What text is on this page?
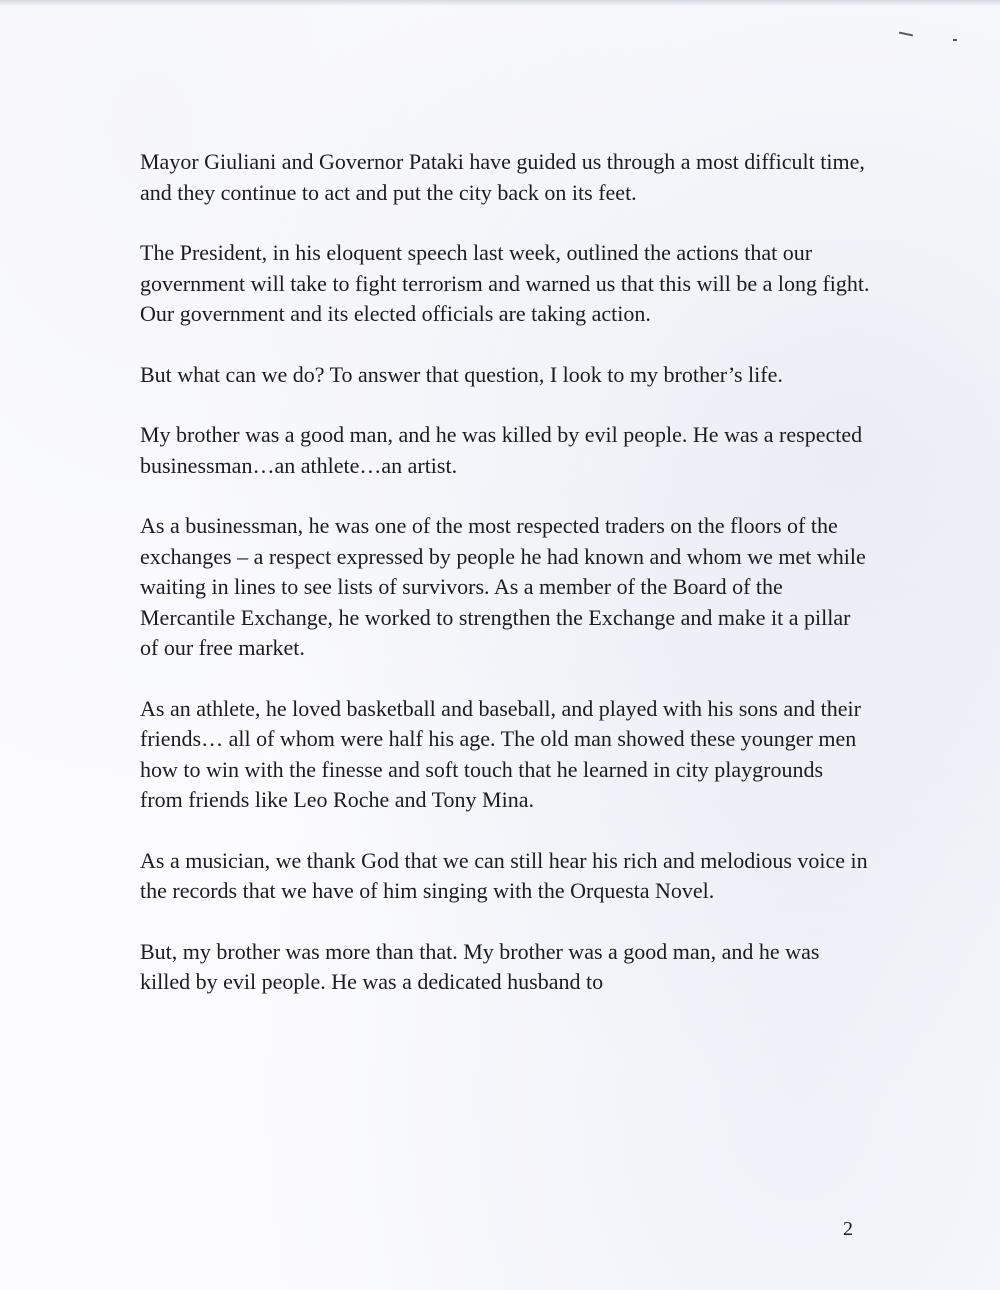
Mayor Giuliani and Governor Pataki have guided us through a most difficult time, and they continue to act and put the city back on its feet.

The President, in his eloquent speech last week, outlined the actions that our government will take to fight terrorism and warned us that this will be a long fight. Our government and its elected officials are taking action.

But what can we do? To answer that question, I look to my brother’s life.

My brother was a good man, and he was killed by evil people. He was a respected businessman…an athlete…an artist.

As a businessman, he was one of the most respected traders on the floors of the exchanges – a respect expressed by people he had known and whom we met while waiting in lines to see lists of survivors. As a member of the Board of the Mercantile Exchange, he worked to strengthen the Exchange and make it a pillar of our free market.

As an athlete, he loved basketball and baseball, and played with his sons and their friends… all of whom were half his age. The old man showed these younger men how to win with the finesse and soft touch that he learned in city playgrounds from friends like Leo Roche and Tony Mina.

As a musician, we thank God that we can still hear his rich and melodious voice in the records that we have of him singing with the Orquesta Novel.

But, my brother was more than that. My brother was a good man, and he was killed by evil people. He was a dedicated husband to

2
